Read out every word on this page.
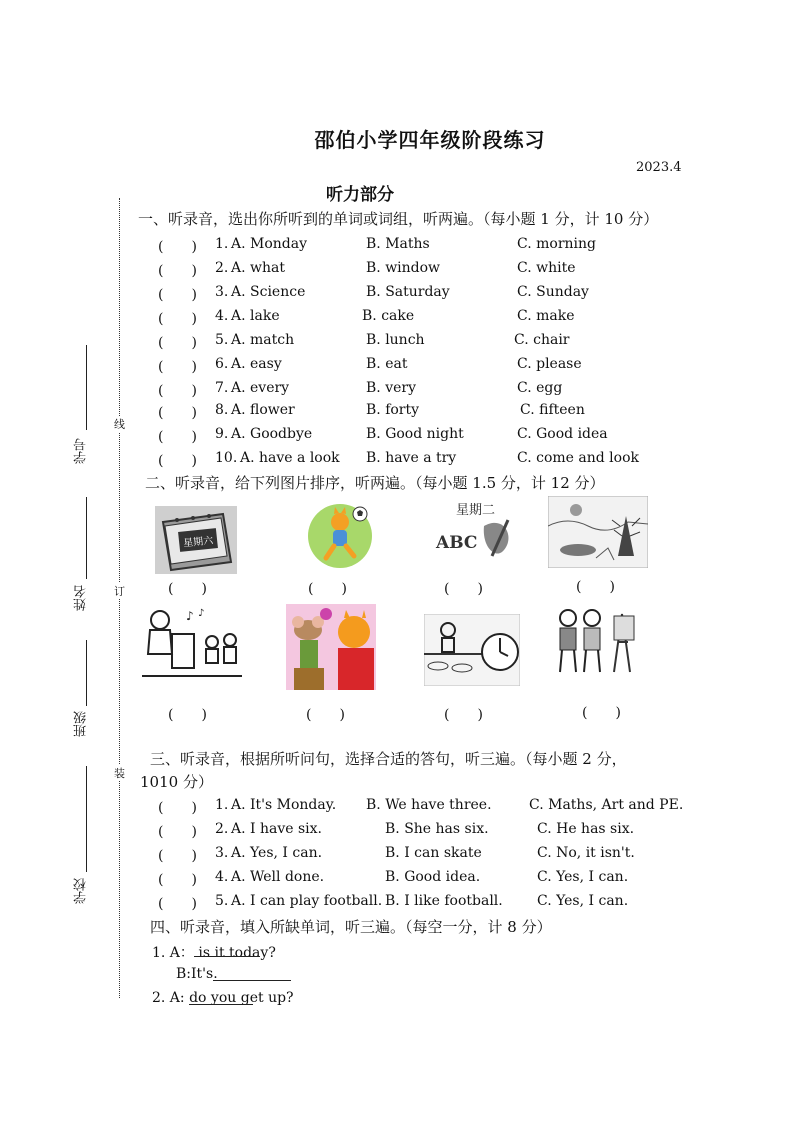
邵伯小学四年级阶段练习
2023.4
听力部分
线
订
装
学号
姓名
班级
学校
一、听录音，选出你所听到的单词或词组，听两遍。（每小题 1 分，计 10 分）
(　　) 1. A. Monday	B. Maths	C. morning
(　　) 2. A. what	B. window	C. white
(　　) 3. A. Science	B. Saturday	C. Sunday
(　　) 4. A. lake	B. cake	C. make
(　　) 5. A. match	B. lunch	C. chair
(　　) 6. A. easy	B. eat	C. please
(　　) 7. A. every	B. very	C. egg
(　　) 8. A. flower	B. forty	C. fifteen
(　　) 9. A. Goodbye	B. Good night	C. Good idea
(　　) 10. A. have a look B. have a try	C. come and look
二、听录音，给下列图片排序，听两遍。（每小题 1.5 分，计 12 分）
星期六
(　　)	(　　)
星期二
ABC
(　　)	(　　)
♪ ♪
(　　)	(　　)	(　　)	(　　)
三、听录音，根据所听问句，选择合适的答句，听三遍。（每小题 2 分，
1010 分）
(　　) 1. A. It's Monday. B. We have three.	C. Maths, Art and PE.
(　　) 2. A. I have six.	B. She has six.	C. He has six.
(　　) 3. A. Yes, I can.	B. I can skate	C. No, it isn't.
(　　) 4. A. Well done.	B. Good idea.	C. Yes, I can.
(　　) 5. A. I can play football. B. I like football. C. Yes, I can.
四、听录音，填入所缺单词，听三遍。（每空一分，计 8 分）
1. A：
is it today?
B:It's
.
2. A: do you get up?
